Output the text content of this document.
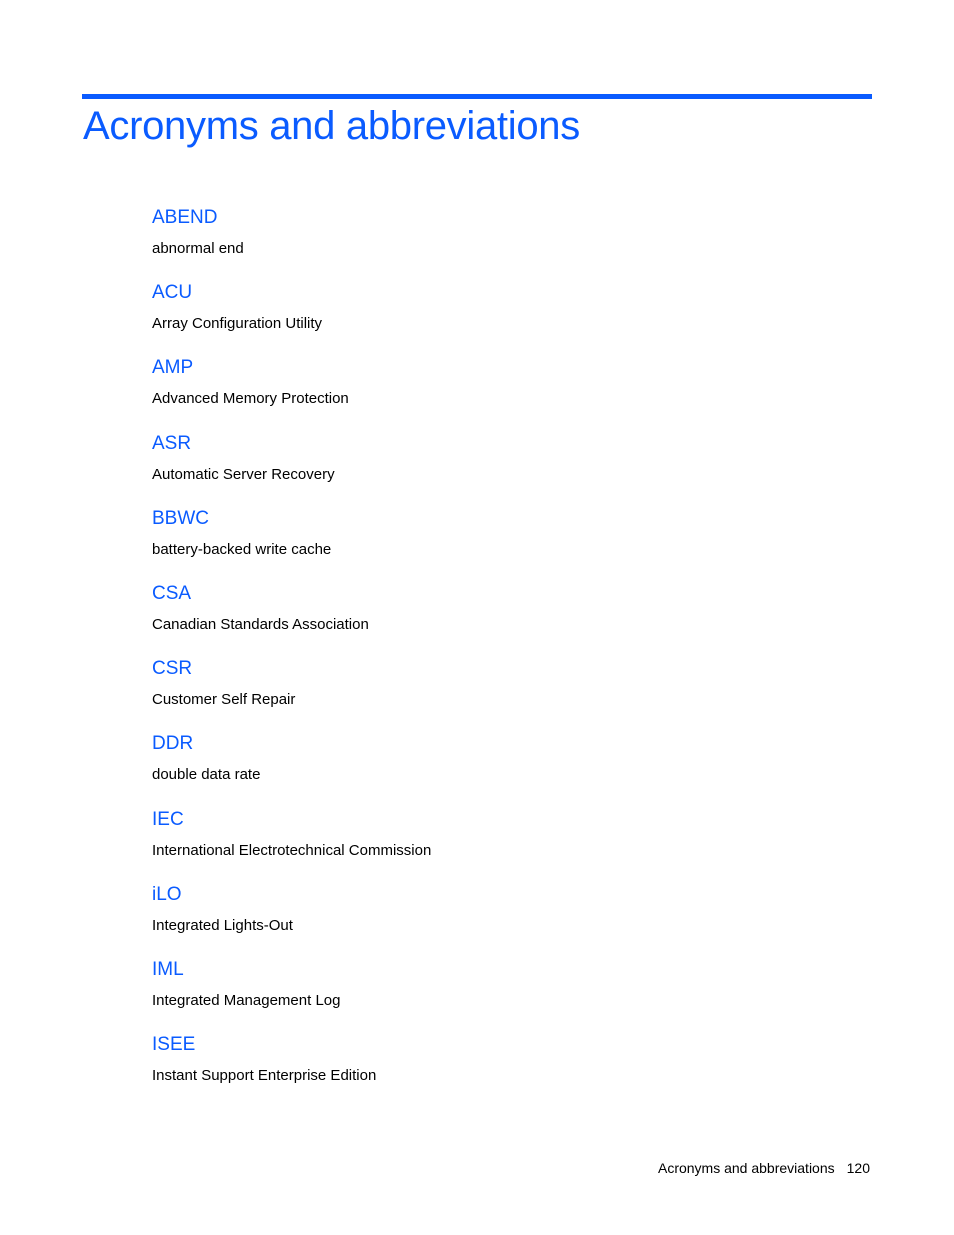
Acronyms and abbreviations
ABEND
abnormal end
ACU
Array Configuration Utility
AMP
Advanced Memory Protection
ASR
Automatic Server Recovery
BBWC
battery-backed write cache
CSA
Canadian Standards Association
CSR
Customer Self Repair
DDR
double data rate
IEC
International Electrotechnical Commission
iLO
Integrated Lights-Out
IML
Integrated Management Log
ISEE
Instant Support Enterprise Edition
Acronyms and abbreviations 120
